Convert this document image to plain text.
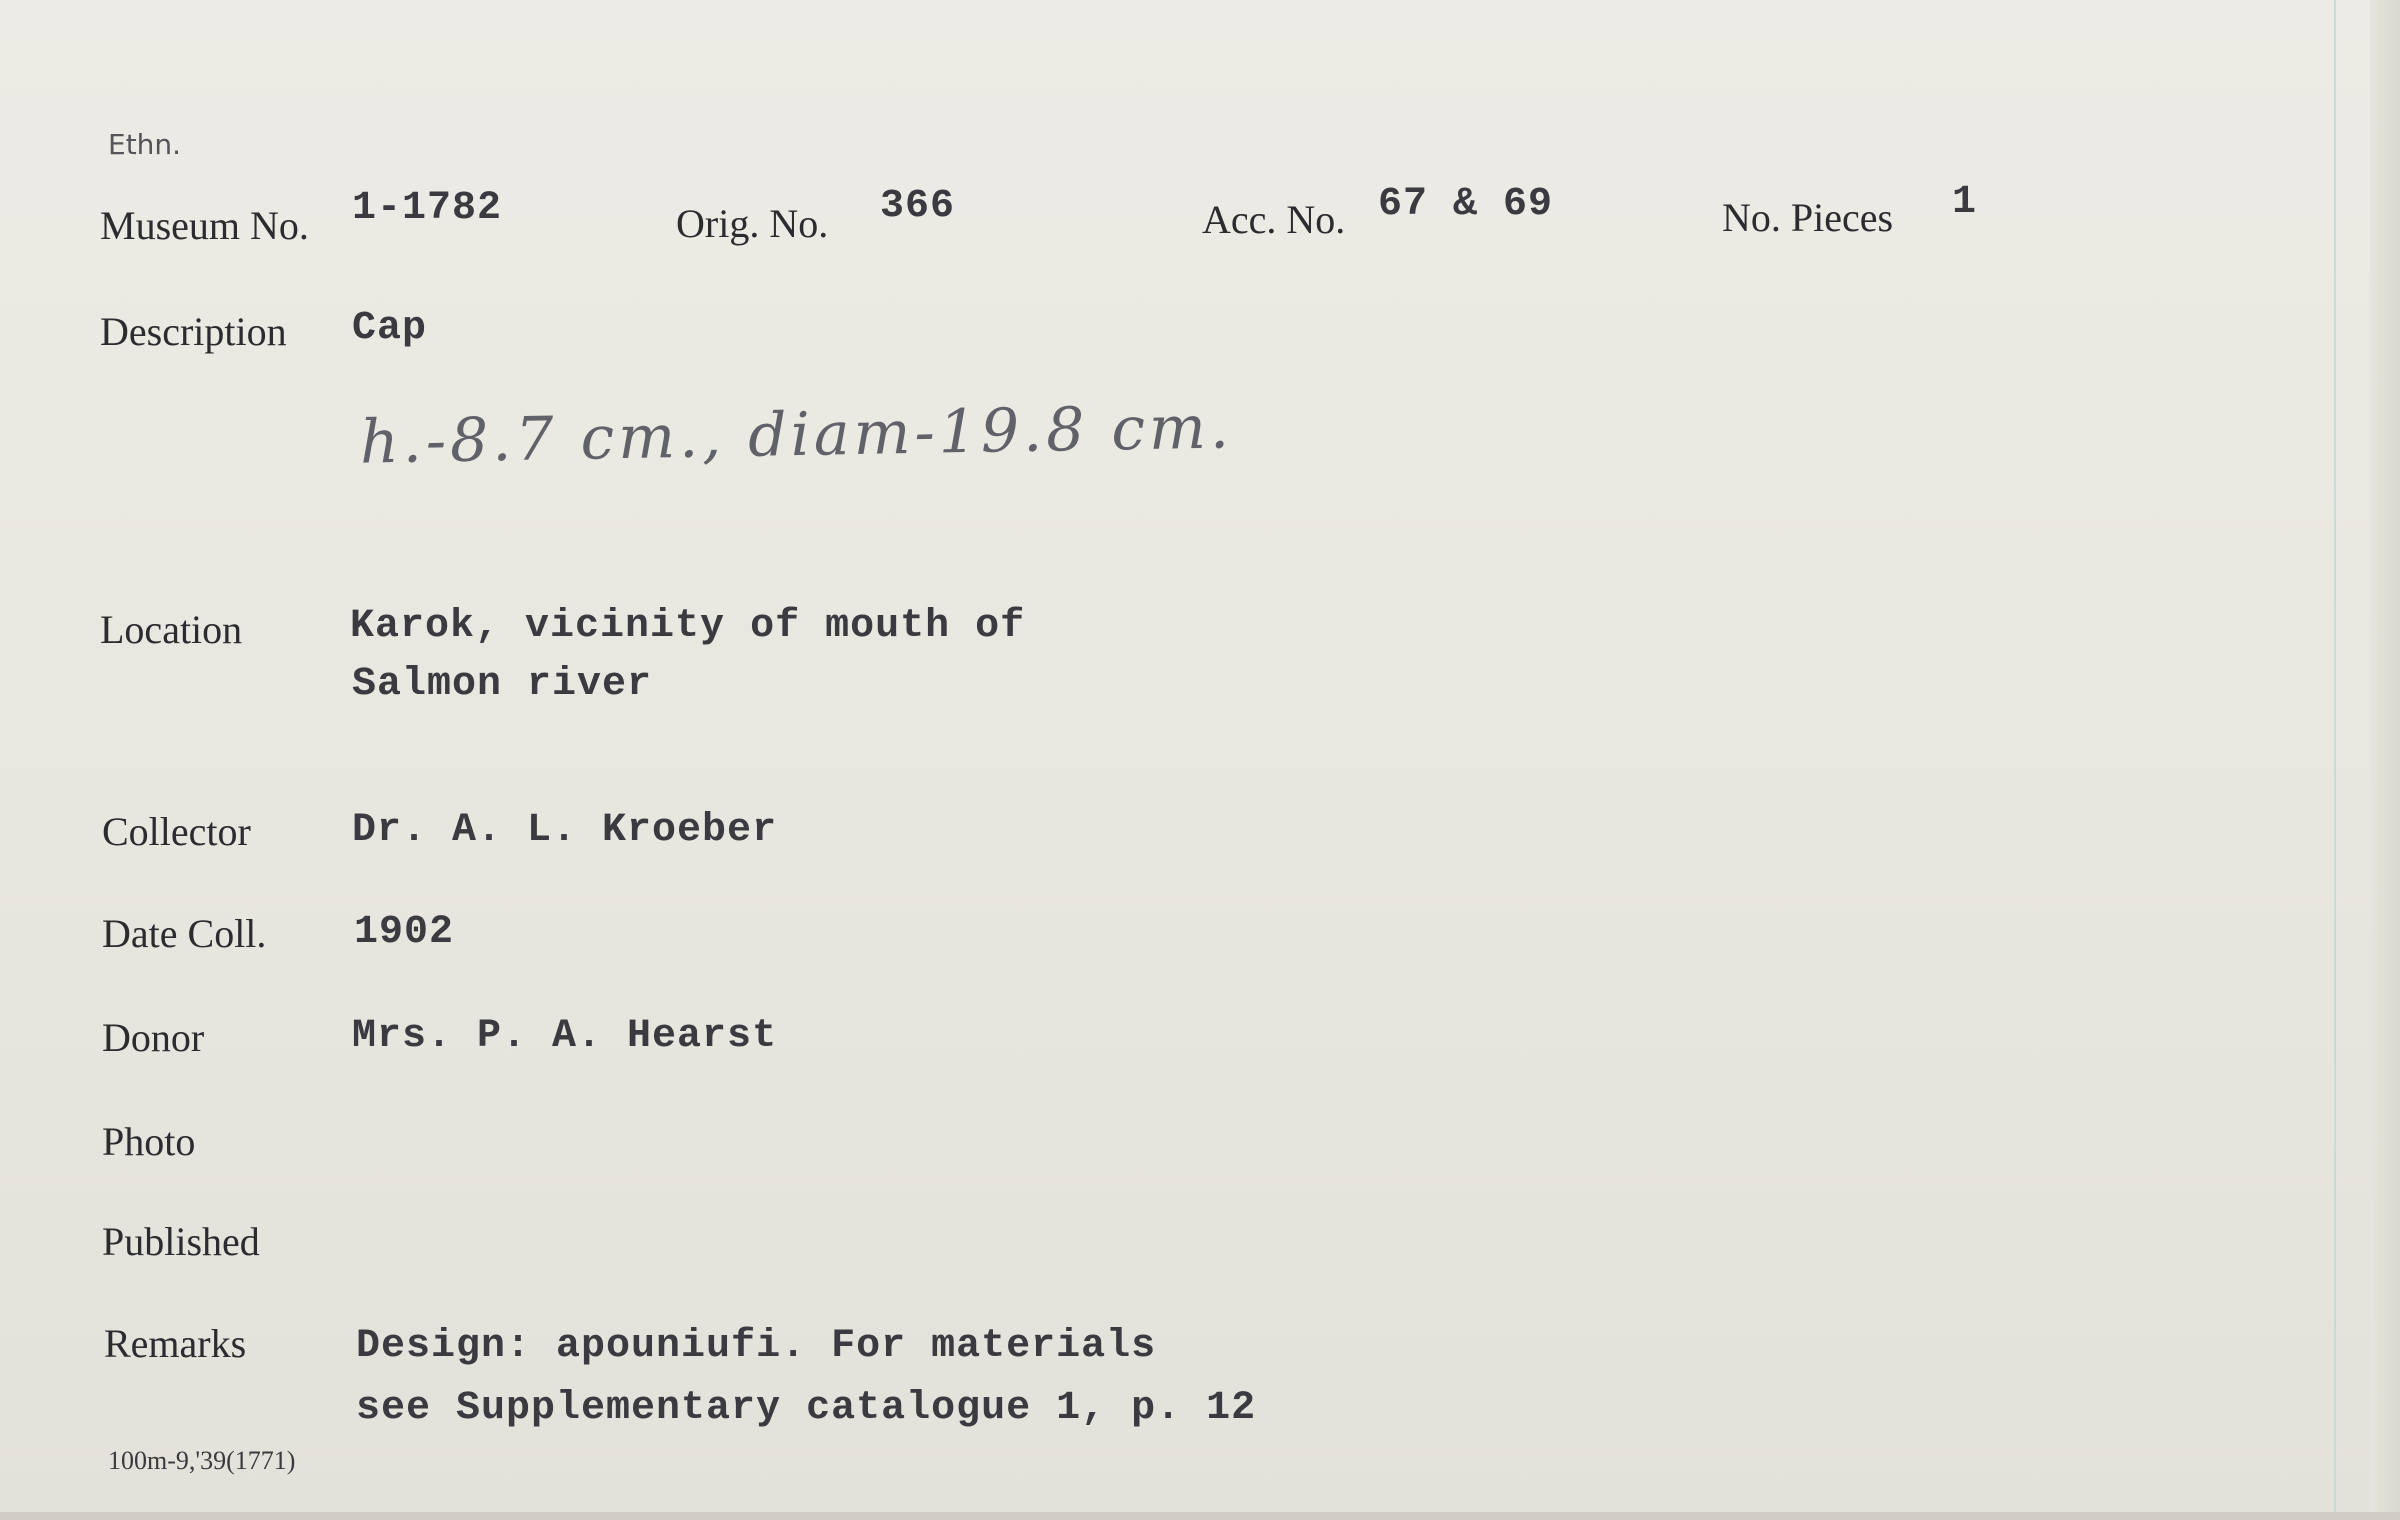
Ethn.
Museum No. 1-1782	Orig. No. 366	Acc. No. 67 & 69	No. Pieces 1
Description Cap
h.-8.7 cm., diam-19.8 cm.
Location	Karok, vicinity of mouth of
Salmon river
Collector	Dr. A. L. Kroeber
Date Coll. 1902
Donor	Mrs. P. A. Hearst
Photo
Published
Remarks	Design: apouniufi. For materials
see Supplementary catalogue 1, p. 12
100m-9,'39(1771)
